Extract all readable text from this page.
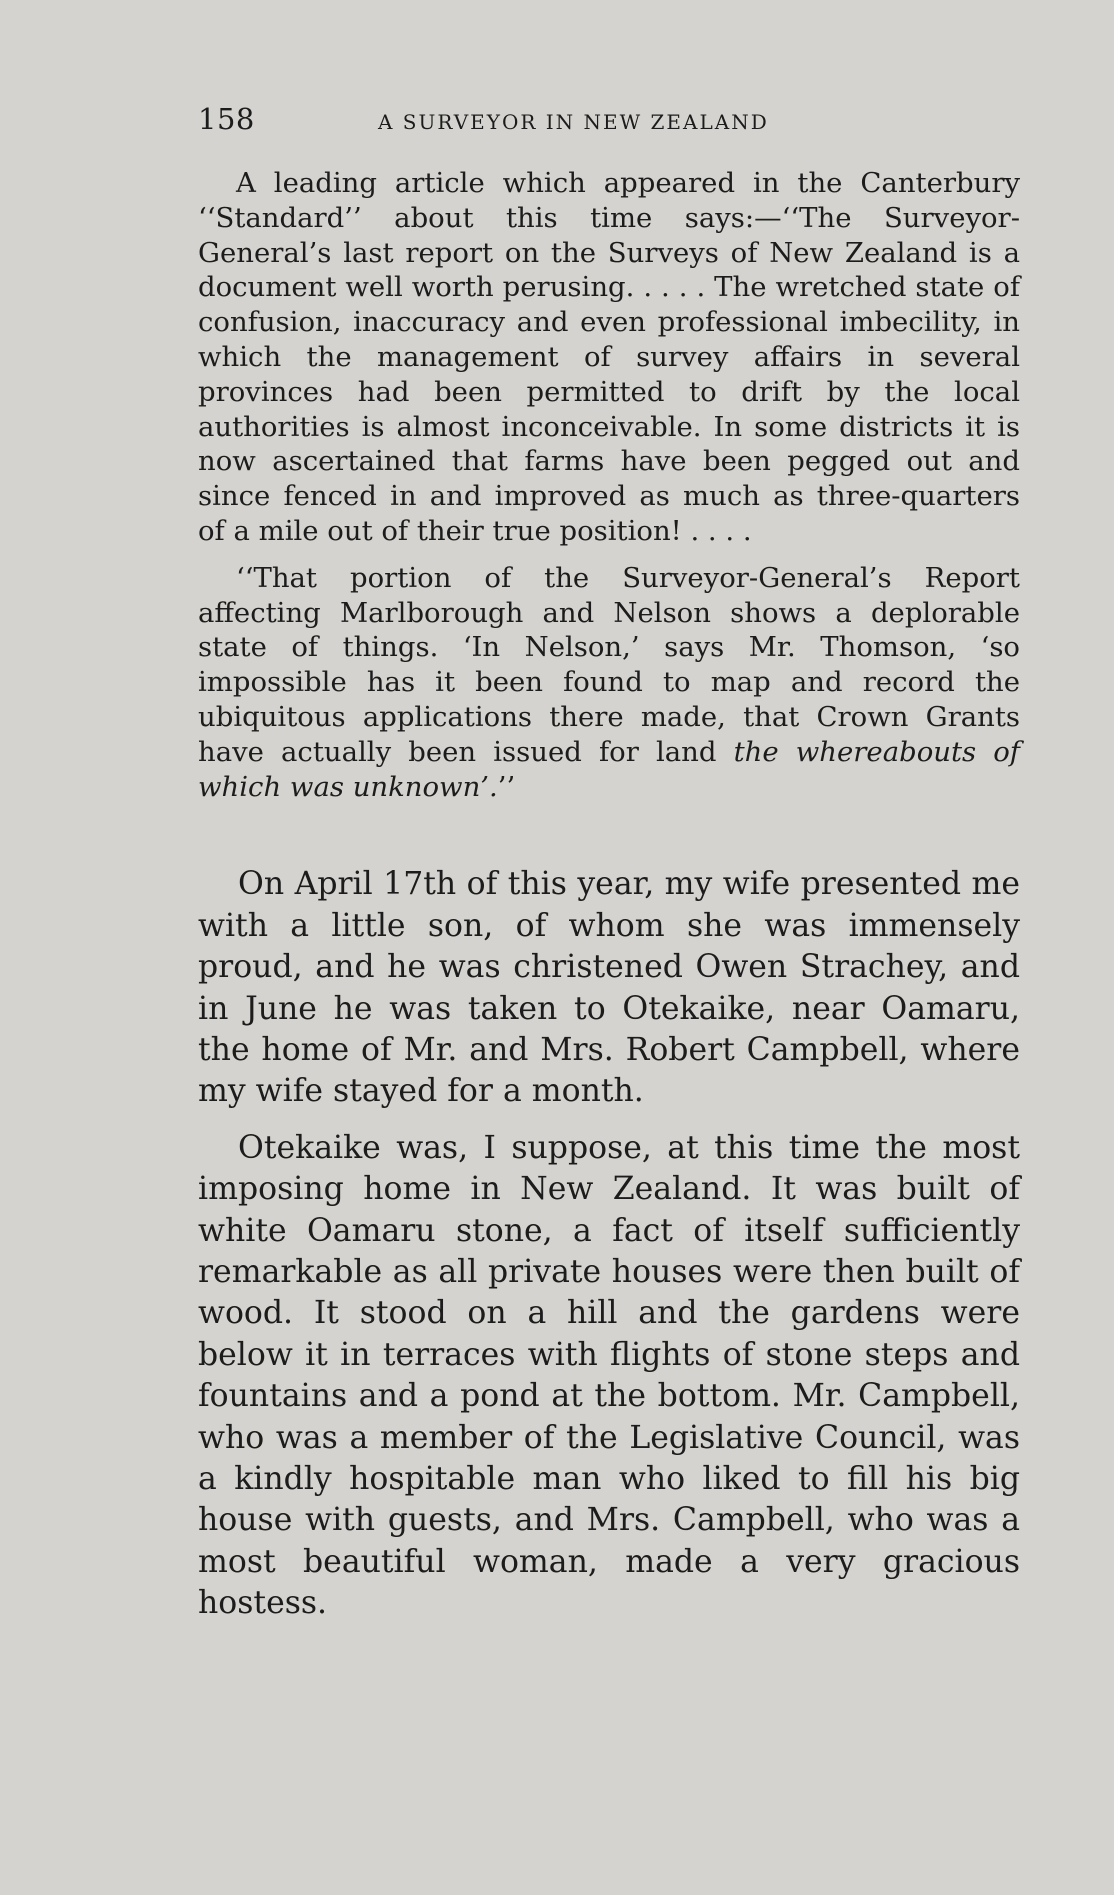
158	A SURVEYOR IN NEW ZEALAND

A leading article which appeared in the Canterbury ‘‘Standard’’ about this time says:—‘‘The Surveyor-General’s last report on the Surveys of New Zealand is a document well worth perusing. . . . . The wretched state of confusion, inaccuracy and even professional imbecility, in which the management of survey affairs in several provinces had been permitted to drift by the local authorities is almost inconceivable. In some districts it is now ascertained that farms have been pegged out and since fenced in and improved as much as three-quarters of a mile out of their true position! . . . .

‘‘That portion of the Surveyor-General’s Report affecting Marlborough and Nelson shows a deplorable state of things. ‘In Nelson,’ says Mr. Thomson, ‘so impossible has it been found to map and record the ubiquitous applications there made, that Crown Grants have actually been issued for land the whereabouts of which was unknown’.’’

On April 17th of this year, my wife presented me with a little son, of whom she was immensely proud, and he was christened Owen Strachey, and in June he was taken to Otekaike, near Oamaru, the home of Mr. and Mrs. Robert Campbell, where my wife stayed for a month.

Otekaike was, I suppose, at this time the most imposing home in New Zealand. It was built of white Oamaru stone, a fact of itself sufficiently remarkable as all private houses were then built of wood. It stood on a hill and the gardens were below it in terraces with flights of stone steps and fountains and a pond at the bottom. Mr. Campbell, who was a member of the Legislative Council, was a kindly hospitable man who liked to fill his big house with guests, and Mrs. Campbell, who was a most beautiful woman, made a very gracious hostess.
